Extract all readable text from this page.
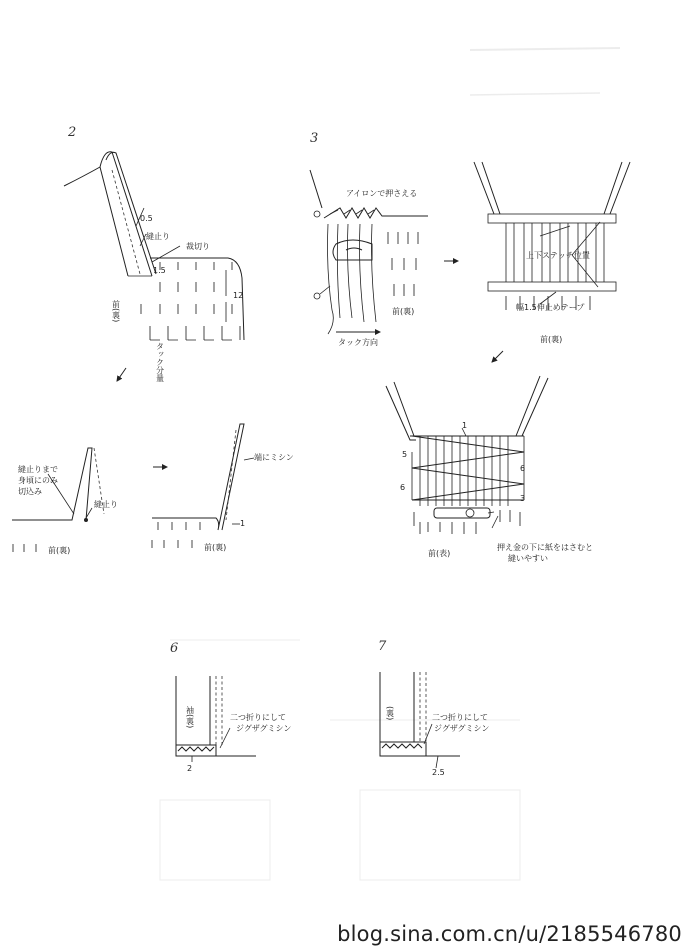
2
0.5
縫止り
裁切り
1.5
12
前(裏)
タック分量
縫止りまで
身頃にのみ
切込み
縫止り
前(裏)
端にミシン
1
前(裏)
3
アイロンで押さえる
前(裏)
タック方向
上下ステッチ位置
幅1.5伸止めテープ
前(裏)
1
5
6
6
3
前(表)
押え金の下に紙をはさむと
縫いやすい
6
袖(裏)	二つ折りにして
ジグザグミシン
2
7
(裏)	二つ折りにして
ジグザグミシン
2.5
blog.sina.com.cn/u/2185546780
